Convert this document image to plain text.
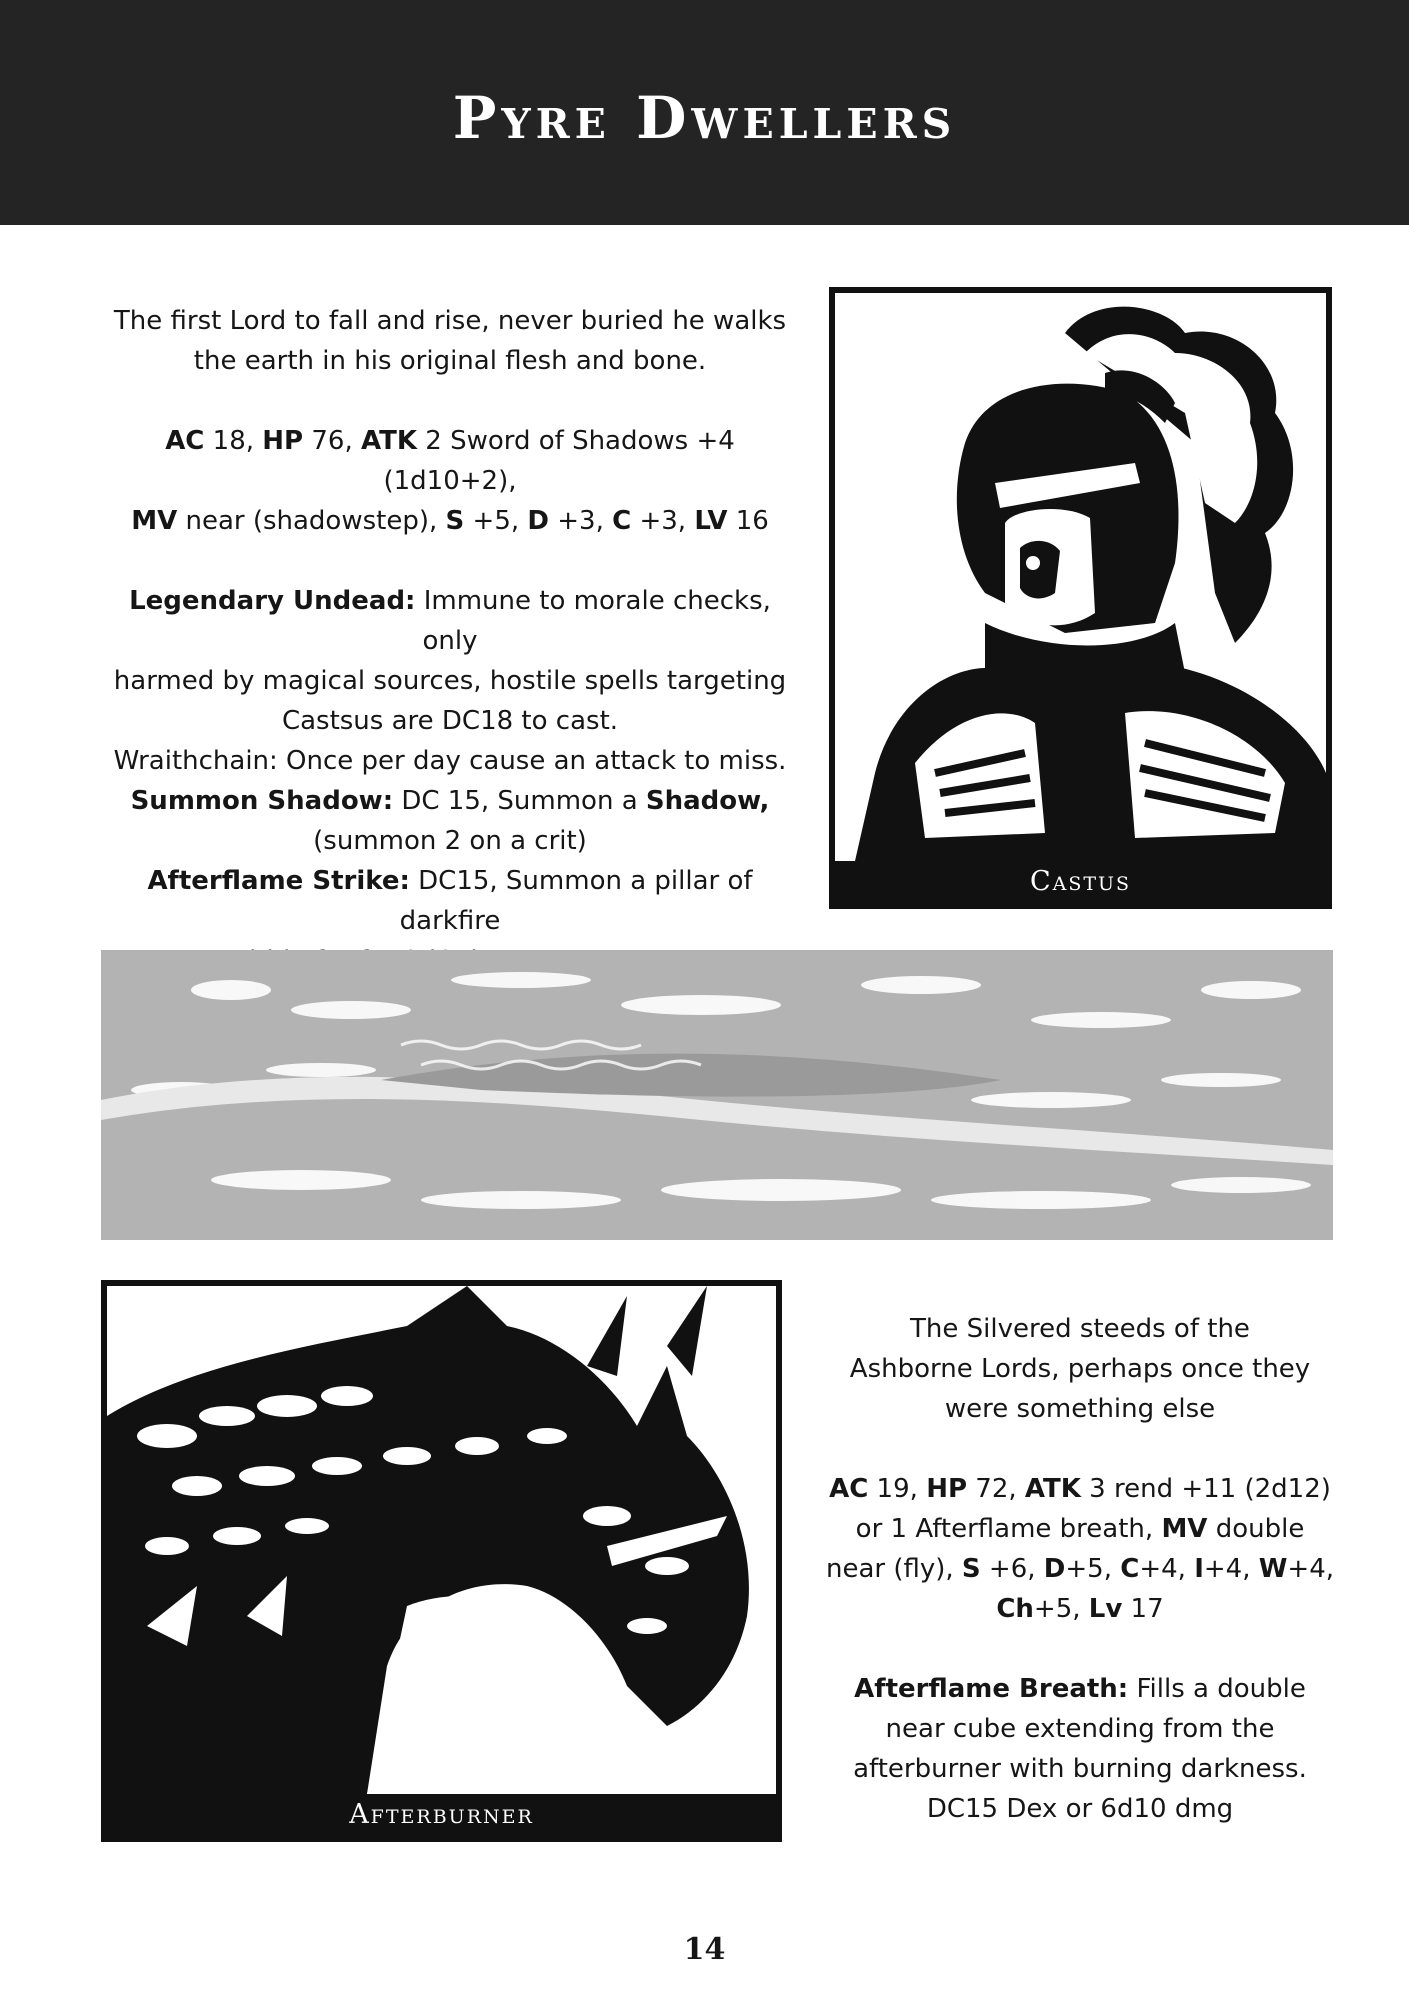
Pyre Dwellers

The first Lord to fall and rise, never buried he walks

the earth in his original flesh and bone.

AC 18, HP 76, ATK 2 Sword of Shadows +4 (1d10+2),

MV near (shadowstep), S +5, D +3, C +3, LV 16

Legendary Undead: Immune to morale checks, only

harmed by magical sources, hostile spells targeting

Castsus are DC18 to cast.

Wraithchain: Once per day cause an attack to miss.

Summon Shadow: DC 15, Summon a Shadow,

(summon 2 on a crit)

Afterflame Strike: DC15, Summon a pillar of darkfire

Castus
Afterburner

The Silvered steeds of the

Ashborne Lords, perhaps once they

were something else

AC 19, HP 72, ATK 3 rend +11 (2d12)

or 1 Afterflame breath, MV double

near (fly), S +6, D+5, C+4, I+4, W+4,

Ch+5, Lv 17

Afterflame Breath: Fills a double

near cube extending from the

afterburner with burning darkness.

DC15 Dex or 6d10 dmg

14
